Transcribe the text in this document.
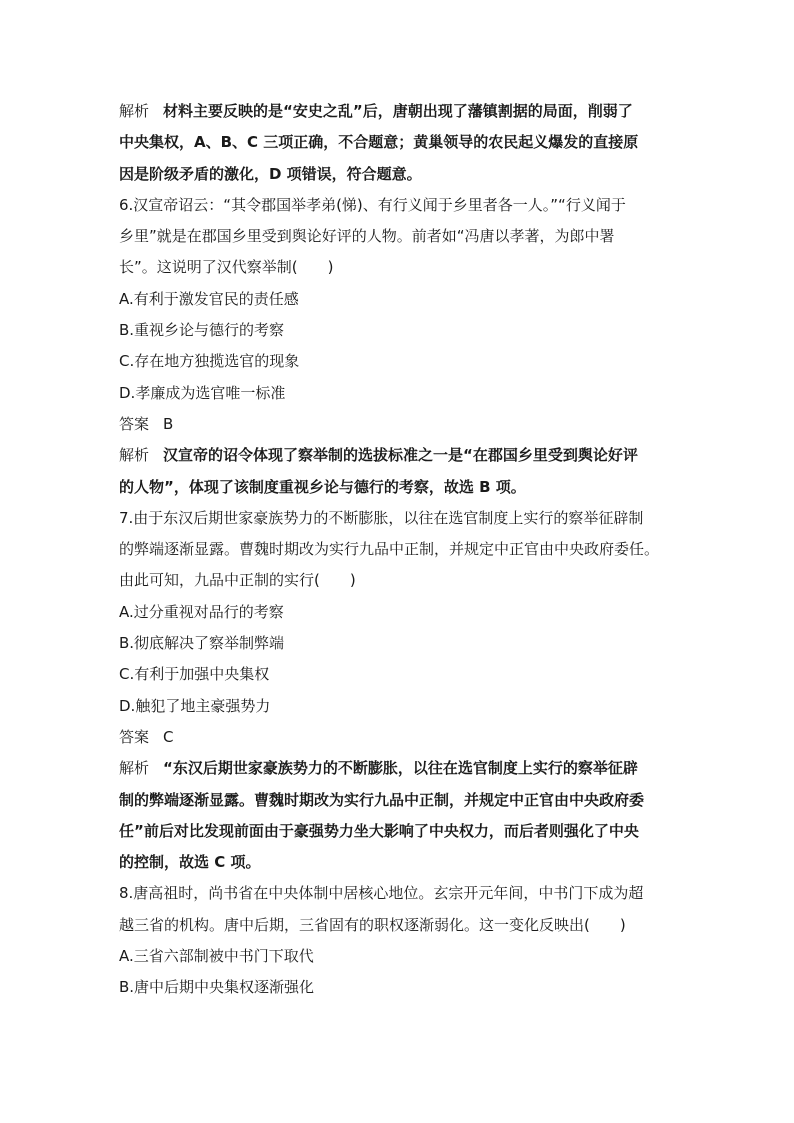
解析 材料主要反映的是“安史之乱”后，唐朝出现了藩镇割据的局面，削弱了
中央集权，A、B、C 三项正确，不合题意；黄巢领导的农民起义爆发的直接原
因是阶级矛盾的激化，D 项错误，符合题意。
6.汉宣帝诏云：“其令郡国举孝弟(悌)、有行义闻于乡里者各一人。”“行义闻于
乡里”就是在郡国乡里受到舆论好评的人物。前者如“冯唐以孝著，为郎中署
长”。这说明了汉代察举制(　　)
A.有利于激发官民的责任感
B.重视乡论与德行的考察
C.存在地方独揽选官的现象
D.孝廉成为选官唯一标准
答案 B
解析 汉宣帝的诏令体现了察举制的选拔标准之一是“在郡国乡里受到舆论好评
的人物”，体现了该制度重视乡论与德行的考察，故选 B 项。
7.由于东汉后期世家豪族势力的不断膨胀，以往在选官制度上实行的察举征辟制
的弊端逐渐显露。曹魏时期改为实行九品中正制，并规定中正官由中央政府委任。
由此可知，九品中正制的实行(　　)
A.过分重视对品行的考察
B.彻底解决了察举制弊端
C.有利于加强中央集权
D.触犯了地主豪强势力
答案 C
解析 “东汉后期世家豪族势力的不断膨胀，以往在选官制度上实行的察举征辟
制的弊端逐渐显露。曹魏时期改为实行九品中正制，并规定中正官由中央政府委
任”前后对比发现前面由于豪强势力坐大影响了中央权力，而后者则强化了中央
的控制，故选 C 项。
8.唐高祖时，尚书省在中央体制中居核心地位。玄宗开元年间，中书门下成为超
越三省的机构。唐中后期，三省固有的职权逐渐弱化。这一变化反映出(　　)
A.三省六部制被中书门下取代
B.唐中后期中央集权逐渐强化
